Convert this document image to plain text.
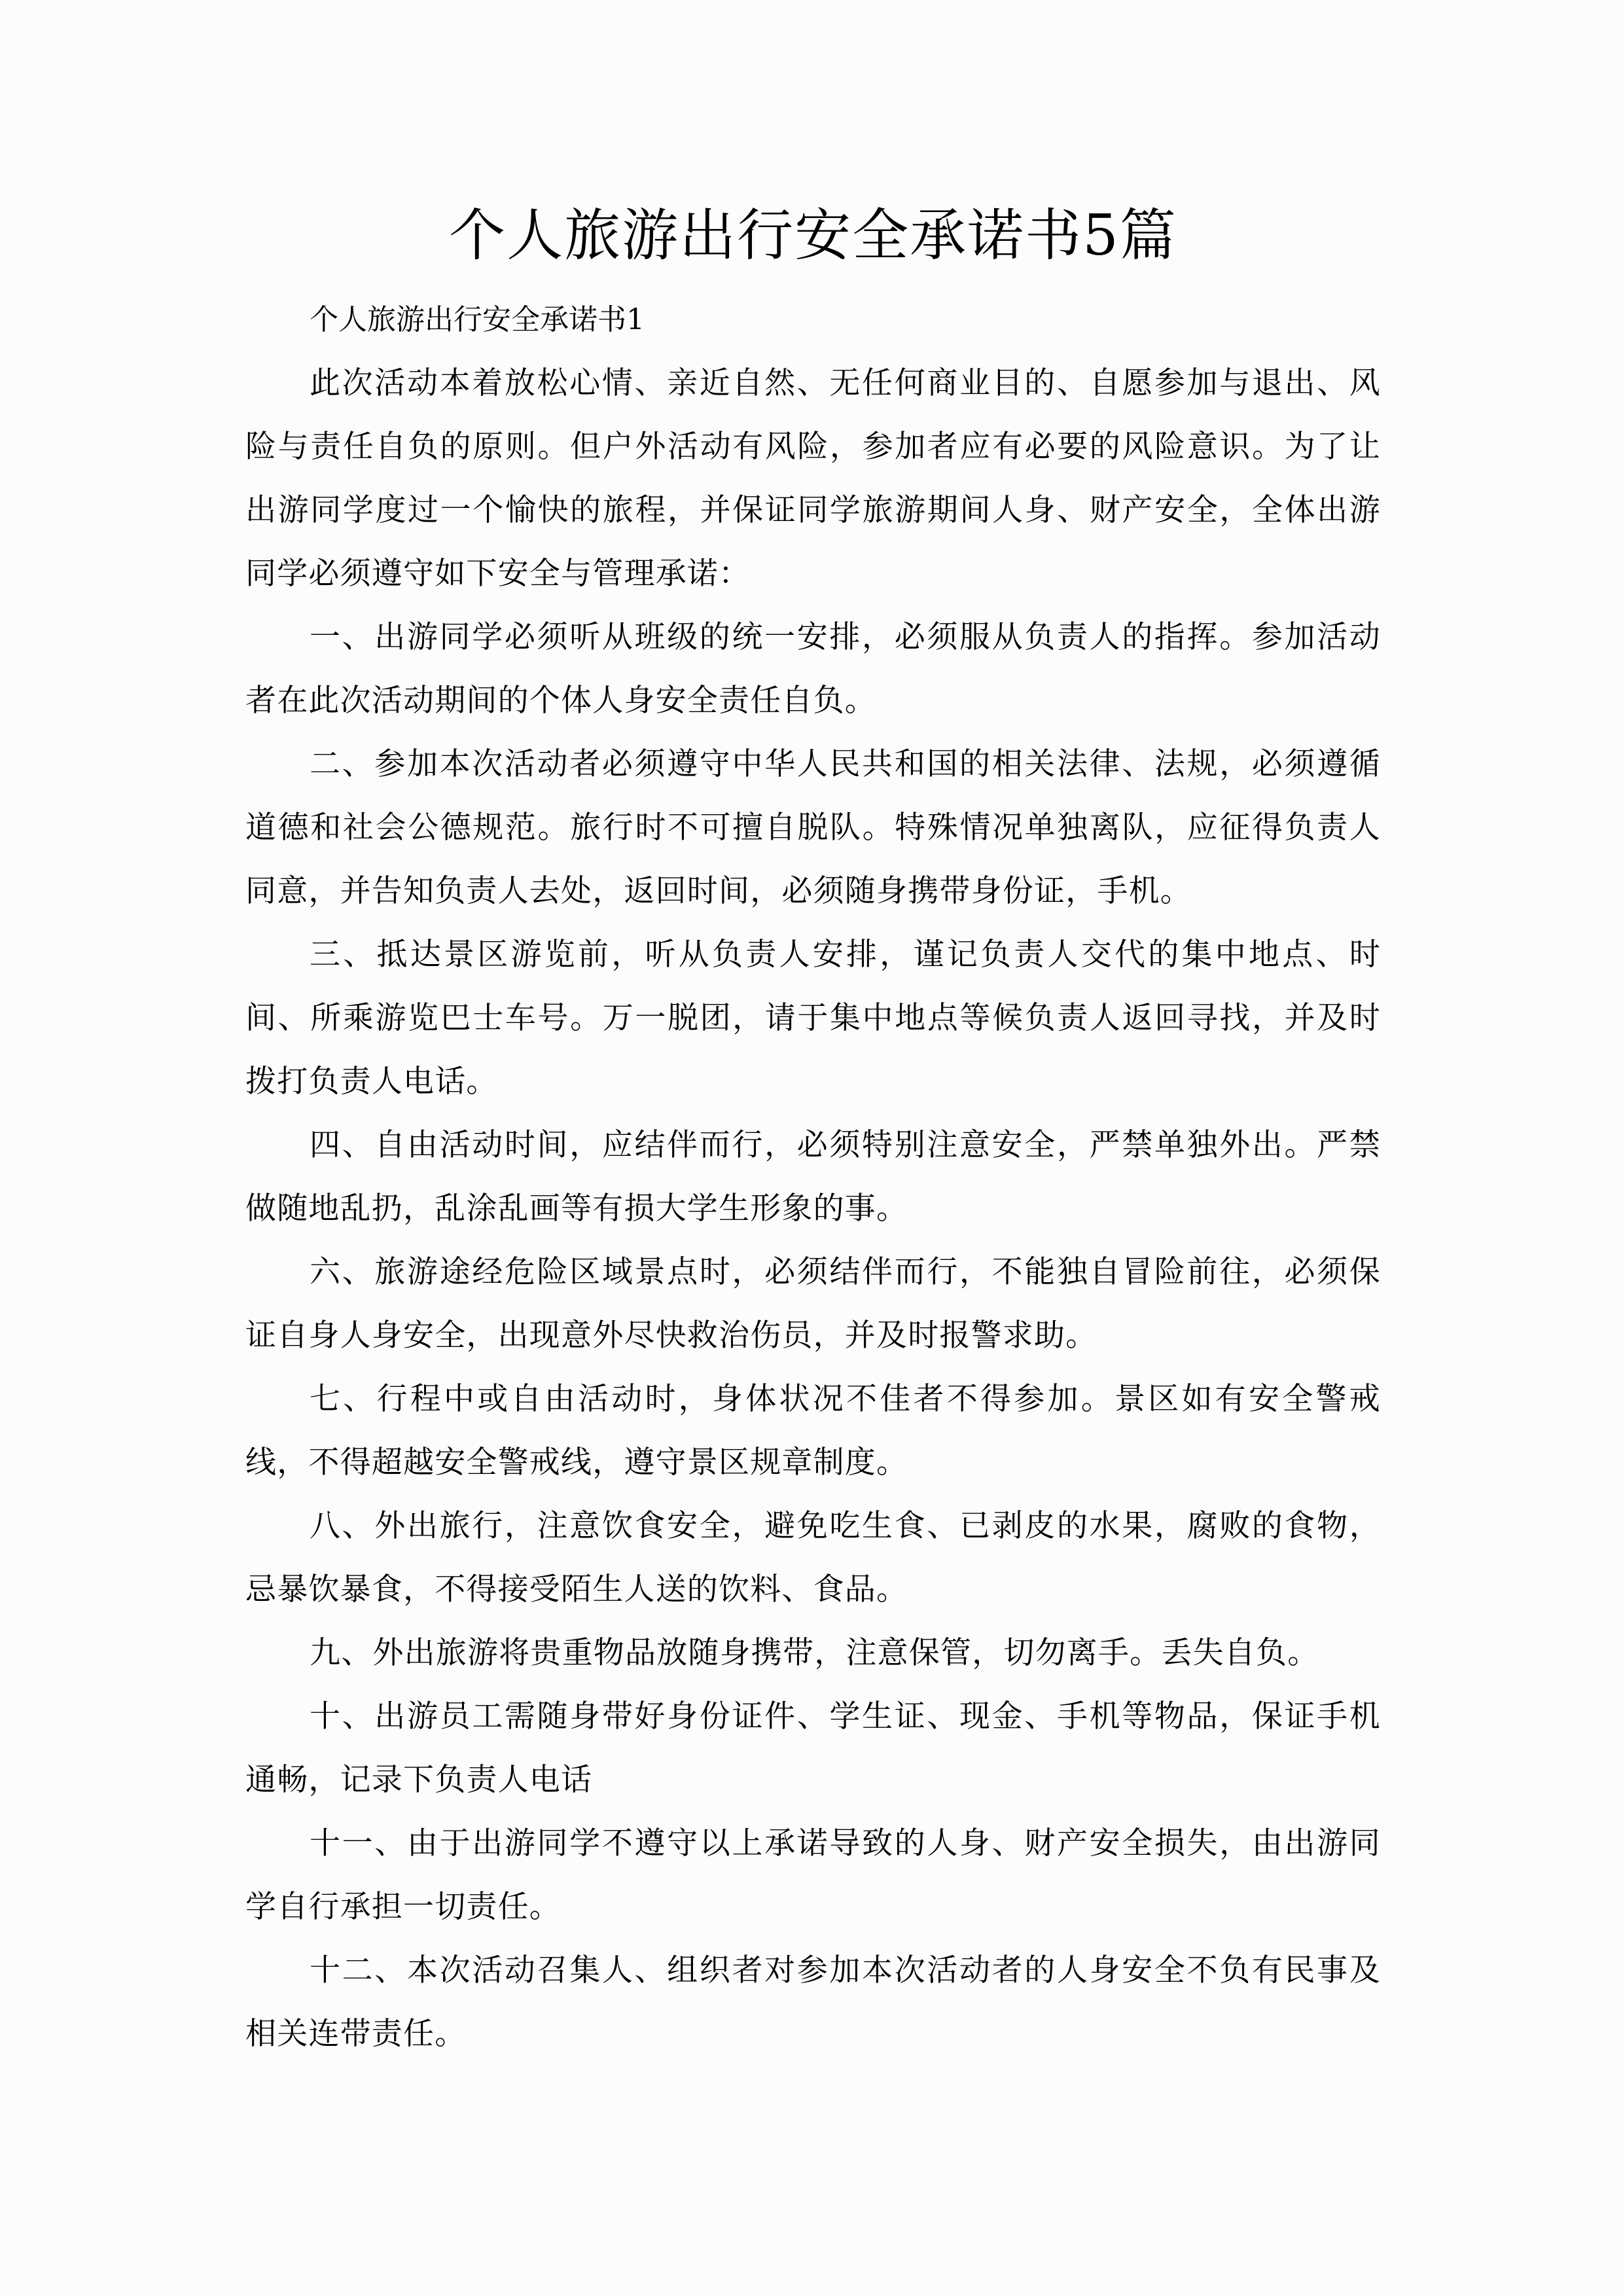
个人旅游出行安全承诺书5篇

个人旅游出行安全承诺书1

此次活动本着放松心情、亲近自然、无任何商业目的、自愿参加与退出、风险与责任自负的原则。但户外活动有风险，参加者应有必要的风险意识。为了让出游同学度过一个愉快的旅程，并保证同学旅游期间人身、财产安全，全体出游同学必须遵守如下安全与管理承诺：

一、出游同学必须听从班级的统一安排，必须服从负责人的指挥。参加活动者在此次活动期间的个体人身安全责任自负。

二、参加本次活动者必须遵守中华人民共和国的相关法律、法规，必须遵循道德和社会公德规范。旅行时不可擅自脱队。特殊情况单独离队，应征得负责人同意，并告知负责人去处，返回时间，必须随身携带身份证，手机。

三、抵达景区游览前，听从负责人安排，谨记负责人交代的集中地点、时间、所乘游览巴士车号。万一脱团，请于集中地点等候负责人返回寻找，并及时拨打负责人电话。

四、自由活动时间，应结伴而行，必须特别注意安全，严禁单独外出。严禁做随地乱扔，乱涂乱画等有损大学生形象的事。

六、旅游途经危险区域景点时，必须结伴而行，不能独自冒险前往，必须保证自身人身安全，出现意外尽快救治伤员，并及时报警求助。

七、行程中或自由活动时，身体状况不佳者不得参加。景区如有安全警戒线，不得超越安全警戒线，遵守景区规章制度。

八、外出旅行，注意饮食安全，避免吃生食、已剥皮的水果，腐败的食物，忌暴饮暴食，不得接受陌生人送的饮料、食品。

九、外出旅游将贵重物品放随身携带，注意保管，切勿离手。丢失自负。

十、出游员工需随身带好身份证件、学生证、现金、手机等物品，保证手机通畅，记录下负责人电话

十一、由于出游同学不遵守以上承诺导致的人身、财产安全损失，由出游同学自行承担一切责任。

十二、本次活动召集人、组织者对参加本次活动者的人身安全不负有民事及相关连带责任。
